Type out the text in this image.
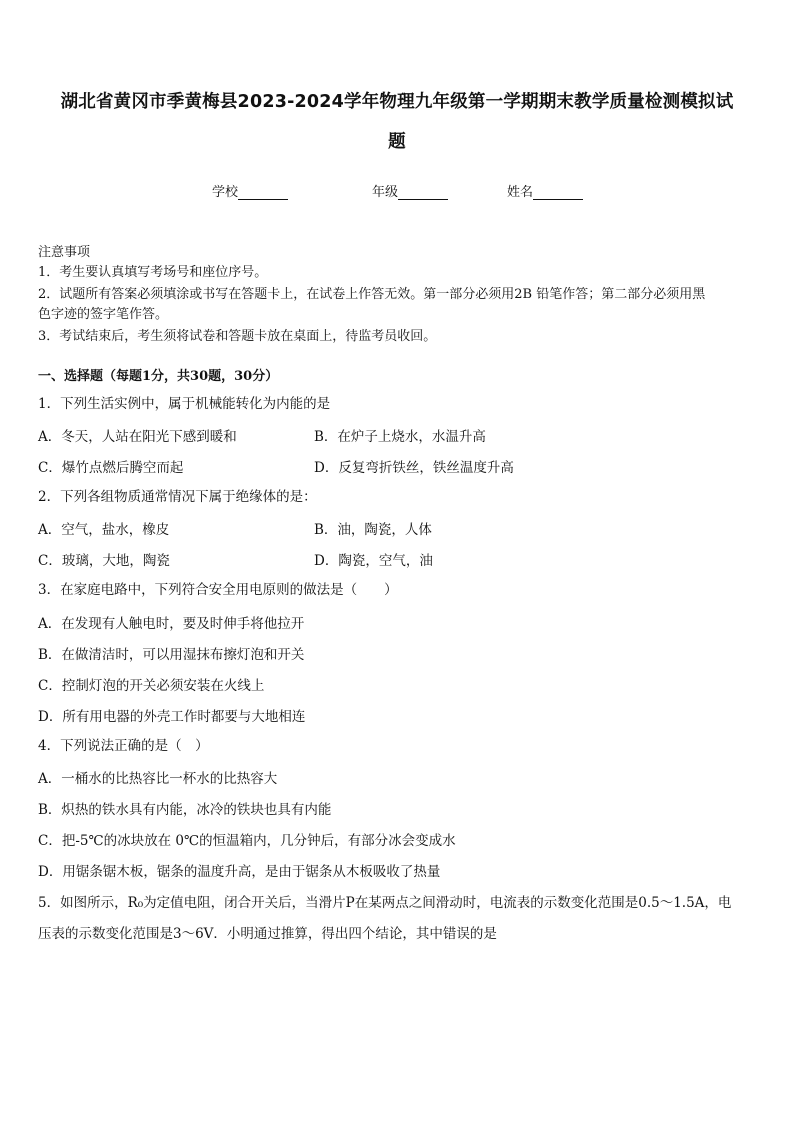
湖北省黄冈市季黄梅县2023-2024学年物理九年级第一学期期末教学质量检测模拟试
题
学校	年级	姓名
注意事项
1．考生要认真填写考场号和座位序号。
2．试题所有答案必须填涂或书写在答题卡上，在试卷上作答无效。第一部分必须用2B 铅笔作答；第二部分必须用黑
色字迹的签字笔作答。
3．考试结束后，考生须将试卷和答题卡放在桌面上，待监考员收回。
一、选择题（每题1分，共30题，30分）
1．下列生活实例中，属于机械能转化为内能的是
A．冬天，人站在阳光下感到暖和	B．在炉子上烧水，水温升高
C．爆竹点燃后腾空而起	D．反复弯折铁丝，铁丝温度升高
2．下列各组物质通常情况下属于绝缘体的是：
A．空气，盐水，橡皮	B．油，陶瓷，人体
C．玻璃，大地，陶瓷	D．陶瓷，空气，油
3．在家庭电路中，下列符合安全用电原则的做法是（　　）
A．在发现有人触电时，要及时伸手将他拉开
B．在做清洁时，可以用湿抹布擦灯泡和开关
C．控制灯泡的开关必须安装在火线上
D．所有用电器的外壳工作时都要与大地相连
4．下列说法正确的是（　）
A．一桶水的比热容比一杯水的比热容大
B．炽热的铁水具有内能，冰冷的铁块也具有内能
C．把-5℃的冰块放在 0℃的恒温箱内，几分钟后，有部分冰会变成水
D．用锯条锯木板，锯条的温度升高，是由于锯条从木板吸收了热量
5．如图所示，R₀为定值电阻，闭合开关后，当滑片P在某两点之间滑动时，电流表的示数变化范围是0.5～1.5A，电
压表的示数变化范围是3～6V．小明通过推算，得出四个结论，其中错误的是
